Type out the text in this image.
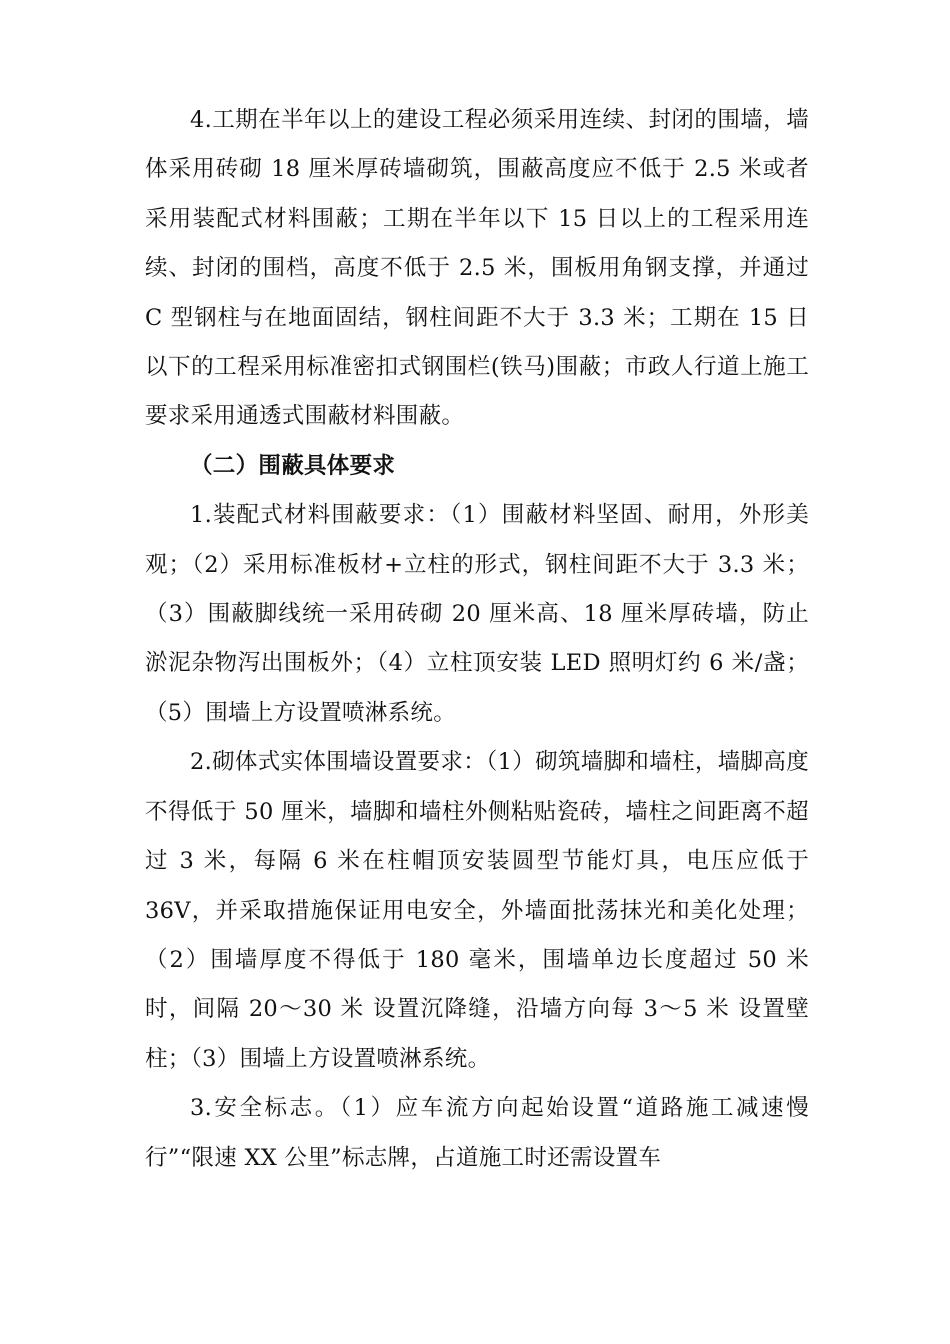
4.工期在半年以上的建设工程必须采用连续、封闭的围墙，墙体采用砖砌 18 厘米厚砖墙砌筑，围蔽高度应不低于 2.5 米或者采用装配式材料围蔽；工期在半年以下 15 日以上的工程采用连续、封闭的围档，高度不低于 2.5 米，围板用角钢支撑，并通过 C 型钢柱与在地面固结，钢柱间距不大于 3.3 米；工期在 15 日以下的工程采用标准密扣式钢围栏(铁马)围蔽；市政人行道上施工要求采用通透式围蔽材料围蔽。

（二）围蔽具体要求

1.装配式材料围蔽要求：（1）围蔽材料坚固、耐用，外形美观；（2）采用标准板材+立柱的形式，钢柱间距不大于 3.3 米；（3）围蔽脚线统一采用砖砌 20 厘米高、18 厘米厚砖墙，防止淤泥杂物泻出围板外；（4）立柱顶安装 LED 照明灯约 6 米/盏；（5）围墙上方设置喷淋系统。

2.砌体式实体围墙设置要求：（1）砌筑墙脚和墙柱，墙脚高度不得低于 50 厘米，墙脚和墙柱外侧粘贴瓷砖，墙柱之间距离不超过 3 米，每隔 6 米在柱帽顶安装圆型节能灯具，电压应低于 36V，并采取措施保证用电安全，外墙面批荡抹光和美化处理；（2）围墙厚度不得低于 180 毫米，围墙单边长度超过 50 米 时，间隔 20～30 米 设置沉降缝，沿墙方向每 3～5 米 设置壁柱；（3）围墙上方设置喷淋系统。

3.安全标志。（1）应车流方向起始设置“道路施工减速慢行”“限速 XX 公里”标志牌，占道施工时还需设置车
